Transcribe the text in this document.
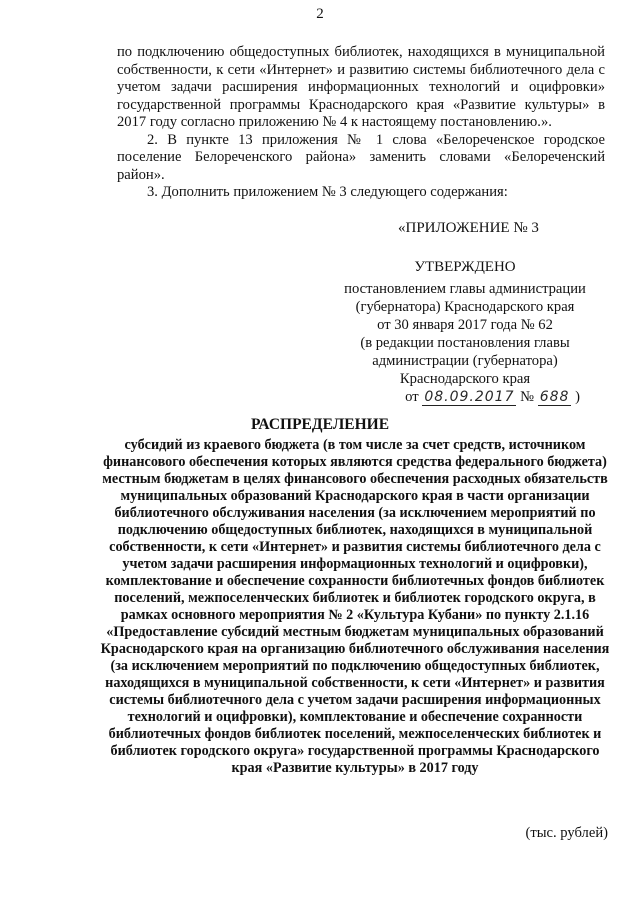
2

по подключению общедоступных библиотек, находящихся в муниципальной собственности, к сети «Интернет» и развитию системы библиотечного дела с учетом задачи расширения информационных технологий и оцифровки» государственной программы Краснодарского края «Развитие культуры» в 2017 году согласно приложению № 4 к настоящему постановлению.».

2. В пункте 13 приложения № 1 слова «Белореченское городское поселение Белореченского района» заменить словами «Белореченский район».

3. Дополнить приложением № 3 следующего содержания:

«ПРИЛОЖЕНИЕ № 3
УТВЕРЖДЕНО
постановлением главы администрации
(губернатора) Краснодарского края
от 30 января 2017 года № 62
(в редакции постановления главы
администрации (губернатора)
Краснодарского края
от 08.09.2017 № 688 )
РАСПРЕДЕЛЕНИЕ
субсидий из краевого бюджета (в том числе за счет средств, источником финансового обеспечения которых являются средства федерального бюджета) местным бюджетам в целях финансового обеспечения расходных обязательств муниципальных образований Краснодарского края в части организации библиотечного обслуживания населения (за исключением мероприятий по подключению общедоступных библиотек, находящихся в муниципальной собственности, к сети «Интернет» и развития системы библиотечного дела с учетом задачи расширения информационных технологий и оцифровки), комплектование и обеспечение сохранности библиотечных фондов библиотек поселений, межпоселенческих библиотек и библиотек городского округа, в рамках основного мероприятия № 2 «Культура Кубани» по пункту 2.1.16 «Предоставление субсидий местным бюджетам муниципальных образований Краснодарского края на организацию библиотечного обслуживания населения (за исключением мероприятий по подключению общедоступных библиотек, находящихся в муниципальной собственности, к сети «Интернет» и развития системы библиотечного дела с учетом задачи расширения информационных технологий и оцифровки), комплектование и обеспечение сохранности библиотечных фондов библиотек поселений, межпоселенческих библиотек и библиотек городского округа» государственной программы Краснодарского края «Развитие культуры» в 2017 году
(тыс. рублей)
